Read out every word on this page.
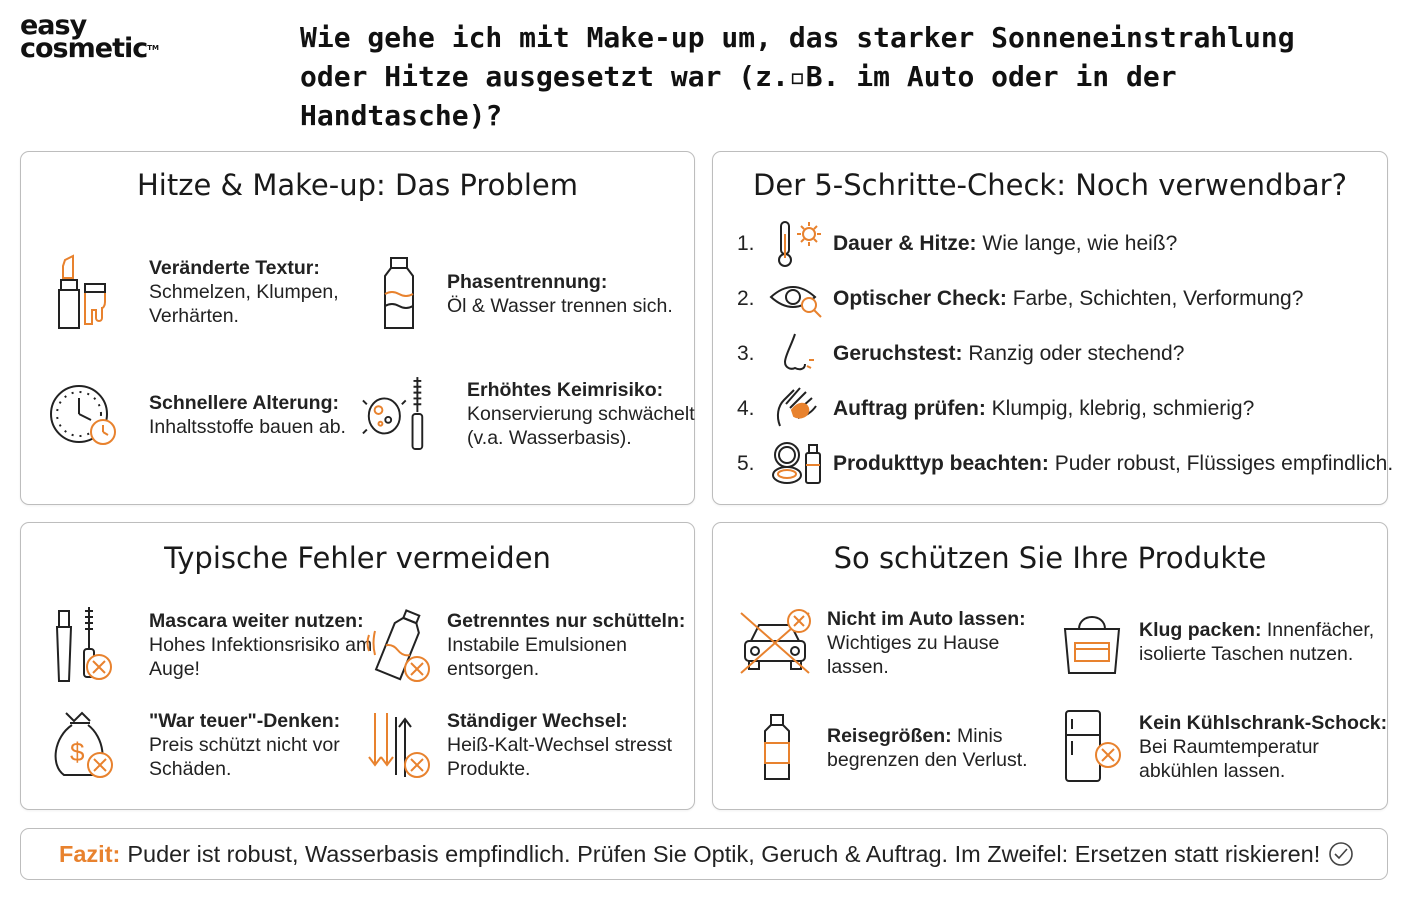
easy
cosmetic™	Wie gehe ich mit Make-up um, das starker Sonneneinstrahlung oder Hitze ausgesetzt war (z.▫B. im Auto oder in der Handtasche)?
Hitze & Make-up: Das Problem
Veränderte Textur:
Schmelzen, Klumpen, Verhärten.
Phasentrennung:
Öl & Wasser trennen sich.
Schnellere Alterung:
Inhaltsstoffe bauen ab.
Erhöhtes Keimrisiko:
Konservierung schwächelt (v.a. Wasserbasis).
Der 5-Schritte-Check: Noch verwendbar?
1.	Dauer & Hitze: Wie lange, wie heiß?
2.	Optischer Check: Farbe, Schichten, Verformung?
3.	Geruchstest: Ranzig oder stechend?
4.	Auftrag prüfen: Klumpig, klebrig, schmierig?
5.	Produkttyp beachten: Puder robust, Flüssiges empfindlich.
Typische Fehler vermeiden
Mascara weiter nutzen:
Hohes Infektionsrisiko am Auge!
Getrenntes nur schütteln:
Instabile Emulsionen entsorgen.
$
"War teuer"-Denken:
Preis schützt nicht vor Schäden.
Ständiger Wechsel:
Heiß-Kalt-Wechsel stresst Produkte.
So schützen Sie Ihre Produkte
Nicht im Auto lassen:
Wichtiges zu Hause lassen.
Klug packen: Innenfächer, isolierte Taschen nutzen.
Reisegrößen: Minis begrenzen den Verlust.
Kein Kühlschrank-Schock:
Bei Raumtemperatur abkühlen lassen.
Fazit: Puder ist robust, Wasserbasis empfindlich. Prüfen Sie Optik, Geruch & Auftrag. Im Zweifel: Ersetzen statt riskieren!
